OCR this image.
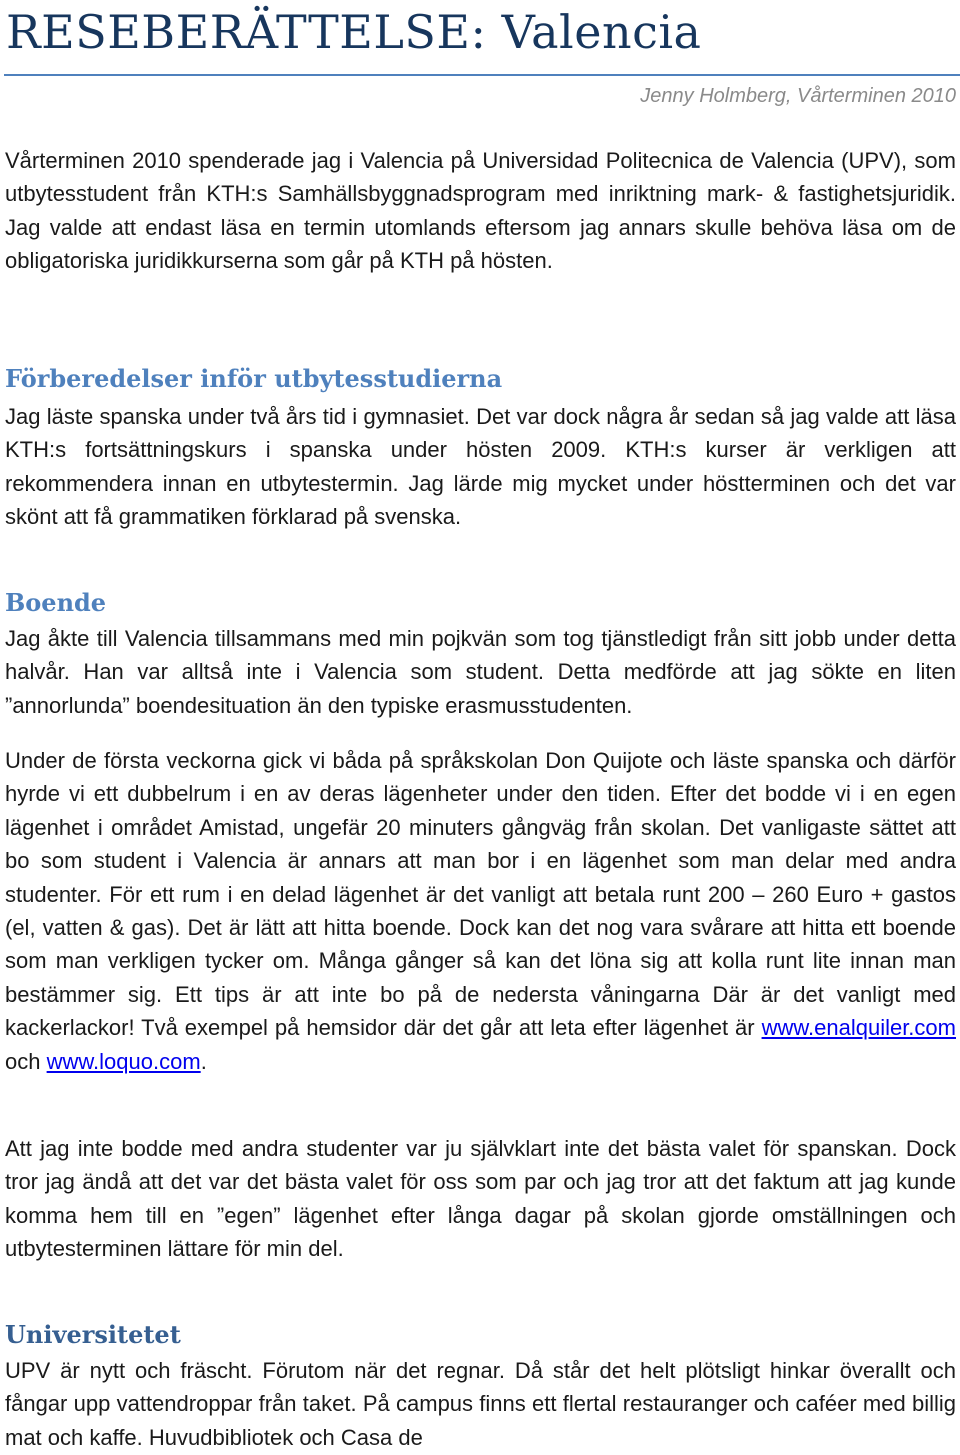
RESEBERÄTTELSE: Valencia
Jenny Holmberg, Vårterminen 2010

Vårterminen 2010 spenderade jag i Valencia på Universidad Politecnica de Valencia (UPV), som utbytesstudent från KTH:s Samhällsbyggnadsprogram med inriktning mark- & fastighetsjuridik. Jag valde att endast läsa en termin utomlands eftersom jag annars skulle behöva läsa om de obligatoriska juridikkurserna som går på KTH på hösten.

Förberedelser inför utbytesstudierna

Jag läste spanska under två års tid i gymnasiet. Det var dock några år sedan så jag valde att läsa KTH:s fortsättningskurs i spanska under hösten 2009. KTH:s kurser är verkligen att rekommendera innan en utbytestermin. Jag lärde mig mycket under höstterminen och det var skönt att få grammatiken förklarad på svenska.

Boende

Jag åkte till Valencia tillsammans med min pojkvän som tog tjänstledigt från sitt jobb under detta halvår. Han var alltså inte i Valencia som student. Detta medförde att jag sökte en liten ”annorlunda” boendesituation än den typiske erasmusstudenten.

Under de första veckorna gick vi båda på språkskolan Don Quijote och läste spanska och därför hyrde vi ett dubbelrum i en av deras lägenheter under den tiden. Efter det bodde vi i en egen lägenhet i området Amistad, ungefär 20 minuters gångväg från skolan. Det vanligaste sättet att bo som student i Valencia är annars att man bor i en lägenhet som man delar med andra studenter. För ett rum i en delad lägenhet är det vanligt att betala runt 200 – 260 Euro + gastos (el, vatten & gas). Det är lätt att hitta boende. Dock kan det nog vara svårare att hitta ett boende som man verkligen tycker om. Många gånger så kan det löna sig att kolla runt lite innan man bestämmer sig. Ett tips är att inte bo på de nedersta våningarna Där är det vanligt med kackerlackor! Två exempel på hemsidor där det går att leta efter lägenhet är www.enalquiler.com och www.loquo.com.

Att jag inte bodde med andra studenter var ju självklart inte det bästa valet för spanskan. Dock tror jag ändå att det var det bästa valet för oss som par och jag tror att det faktum att jag kunde komma hem till en ”egen” lägenhet efter långa dagar på skolan gjorde omställningen och utbytesterminen lättare för min del.

Universitetet

UPV är nytt och fräscht. Förutom när det regnar. Då står det helt plötsligt hinkar överallt och fångar upp vattendroppar från taket. På campus finns ett flertal restauranger och caféer med billig mat och kaffe. Huvudbibliotek och Casa de
